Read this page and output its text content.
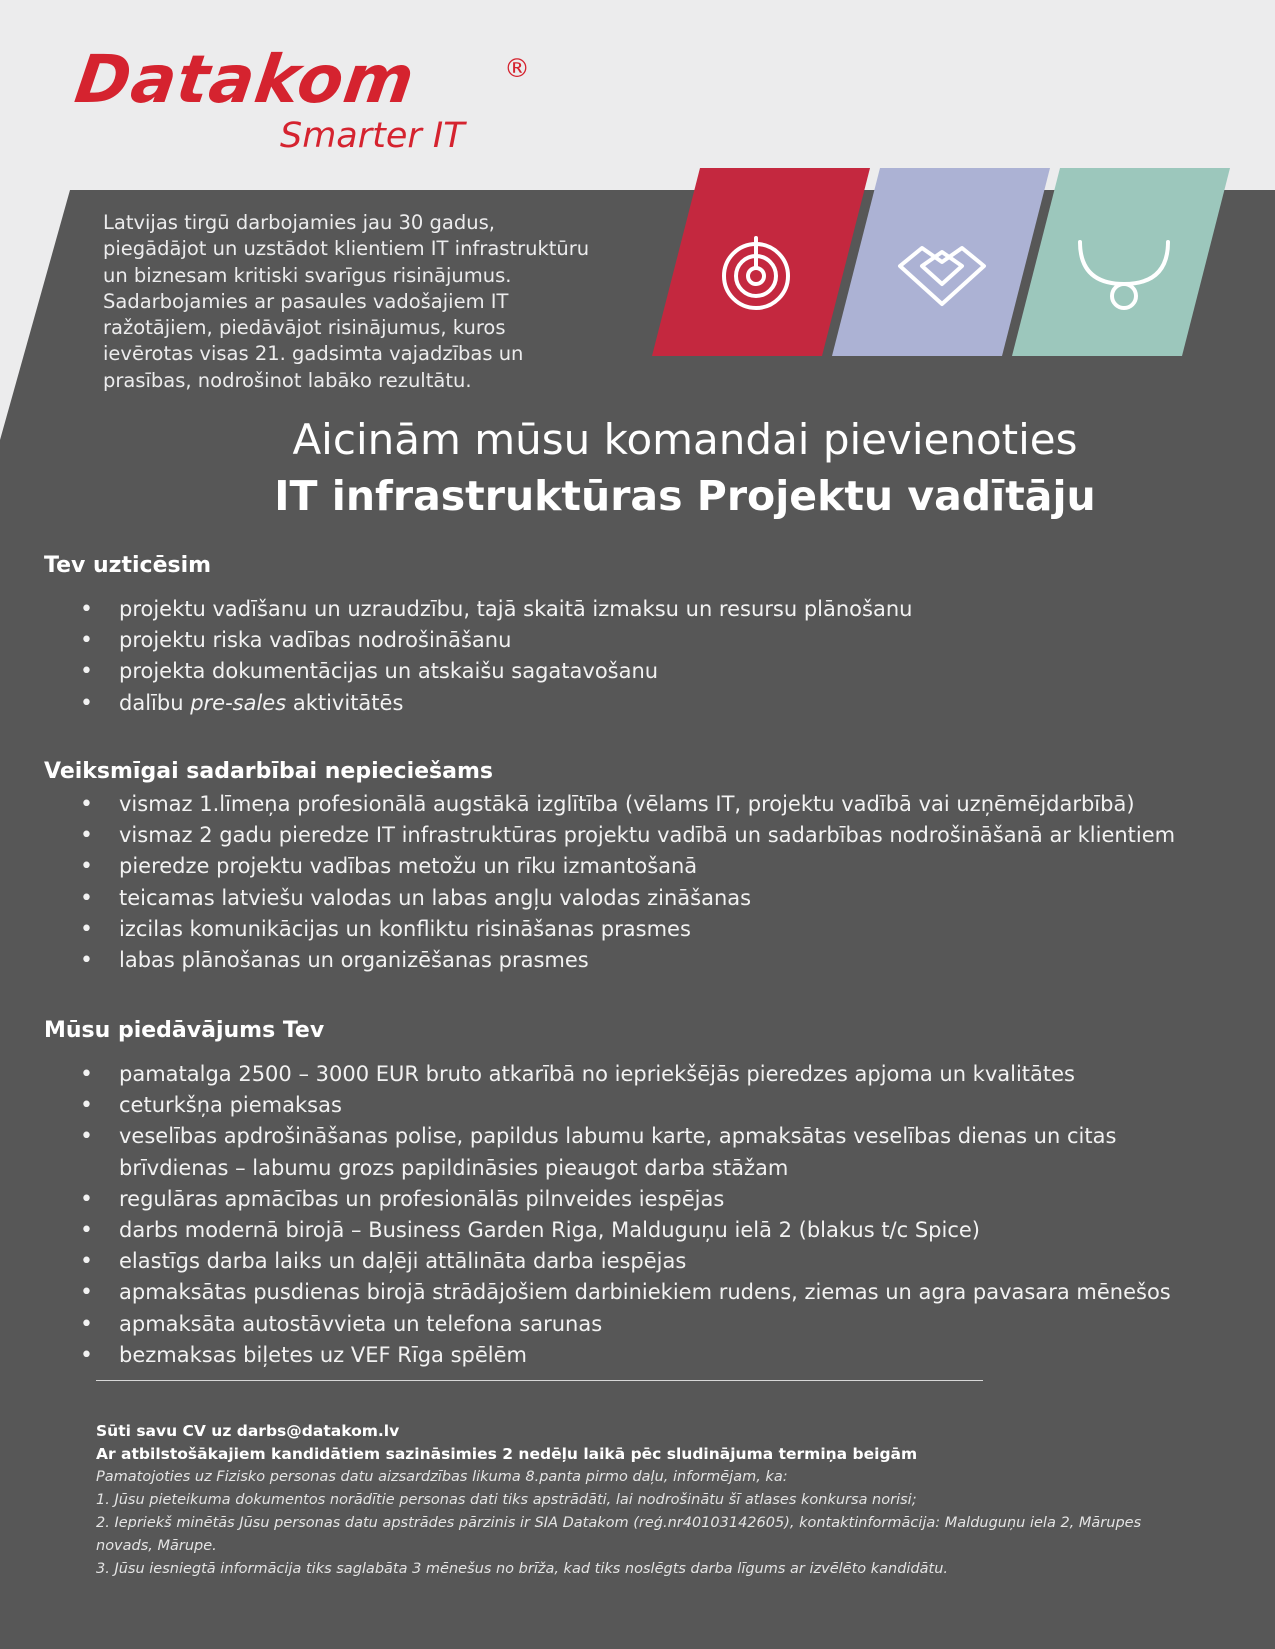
Datakom	®
Smarter IT
Latvijas tirgū darbojamies jau 30 gadus,
piegādājot un uzstādot klientiem IT infrastruktūru
un biznesam kritiski svarīgus risinājumus.
Sadarbojamies ar pasaules vadošajiem IT
ražotājiem, piedāvājot risinājumus, kuros
ievērotas visas 21. gadsimta vajadzības un
prasības, nodrošinot labāko rezultātu.
Aicinām mūsu komandai pievienoties
IT infrastruktūras Projektu vadītāju
Tev uzticēsim
• projektu vadīšanu un uzraudzību, tajā skaitā izmaksu un resursu plānošanu
• projektu riska vadības nodrošināšanu
• projekta dokumentācijas un atskaišu sagatavošanu
• dalību pre-sales aktivitātēs
Veiksmīgai sadarbībai nepieciešams
• vismaz 1.līmeņa profesionālā augstākā izglītība (vēlams IT, projektu vadībā vai uzņēmējdarbībā)
• vismaz 2 gadu pieredze IT infrastruktūras projektu vadībā un sadarbības nodrošināšanā ar klientiem
• pieredze projektu vadības metožu un rīku izmantošanā
• teicamas latviešu valodas un labas angļu valodas zināšanas
• izcilas komunikācijas un konfliktu risināšanas prasmes
• labas plānošanas un organizēšanas prasmes
Mūsu piedāvājums Tev
• pamatalga 2500 – 3000 EUR bruto atkarībā no iepriekšējās pieredzes apjoma un kvalitātes
• ceturkšņa piemaksas
• veselības apdrošināšanas polise, papildus labumu karte, apmaksātas veselības dienas un citas brīvdienas – labumu grozs papildināsies pieaugot darba stāžam
• regulāras apmācības un profesionālās pilnveides iespējas
• darbs modernā birojā – Business Garden Riga, Malduguņu ielā 2 (blakus t/c Spice)
• elastīgs darba laiks un daļēji attālināta darba iespējas
• apmaksātas pusdienas birojā strādājošiem darbiniekiem rudens, ziemas un agra pavasara mēnešos
• apmaksāta autostāvvieta un telefona sarunas
• bezmaksas biļetes uz VEF Rīga spēlēm
Sūti savu CV uz darbs@datakom.lv
Ar atbilstošākajiem kandidātiem sazināsimies 2 nedēļu laikā pēc sludinājuma termiņa beigām
Pamatojoties uz Fizisko personas datu aizsardzības likuma 8.panta pirmo daļu, informējam, ka:
1. Jūsu pieteikuma dokumentos norādītie personas dati tiks apstrādāti, lai nodrošinātu šī atlases konkursa norisi;
2. Iepriekš minētās Jūsu personas datu apstrādes pārzinis ir SIA Datakom (reģ.nr40103142605), kontaktinformācija: Malduguņu iela 2, Mārupes novads, Mārupe.
3. Jūsu iesniegtā informācija tiks saglabāta 3 mēnešus no brīža, kad tiks noslēgts darba līgums ar izvēlēto kandidātu.
